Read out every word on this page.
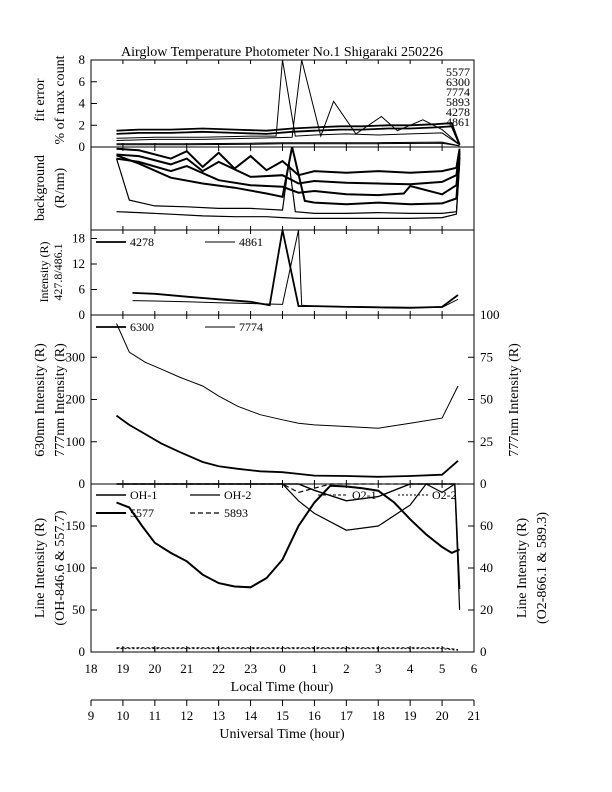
Airglow Temperature Photometer No.1 Shigaraki 250226
0
2
4
6
8
fit error % of max count
background (R/nm)
0
6
12
18
Intensity (R) 427.8/486.1
0
100
200
300
0
25
50
75
100
630nm Intensity (R) 777nm Intensity (R)
0
50
100
150
0
20
40
60
Line Intensity (R) (OH-846.6 & 557.7)	Line Intensity (R) (O2-866.1 & 589.3)
777nm Intensity (R)
4278	4861
6300	7774
OH-1	OH-2	O2-1	O2-2
5577	5893
5577
6300
7774
5893
4278
4861
18 19 20 21 22 23 0 1 2 3 4 5 6
9 10 11 12 13 14 15 16 17 18 19 20 21
Local Time (hour)
Universal Time (hour)
